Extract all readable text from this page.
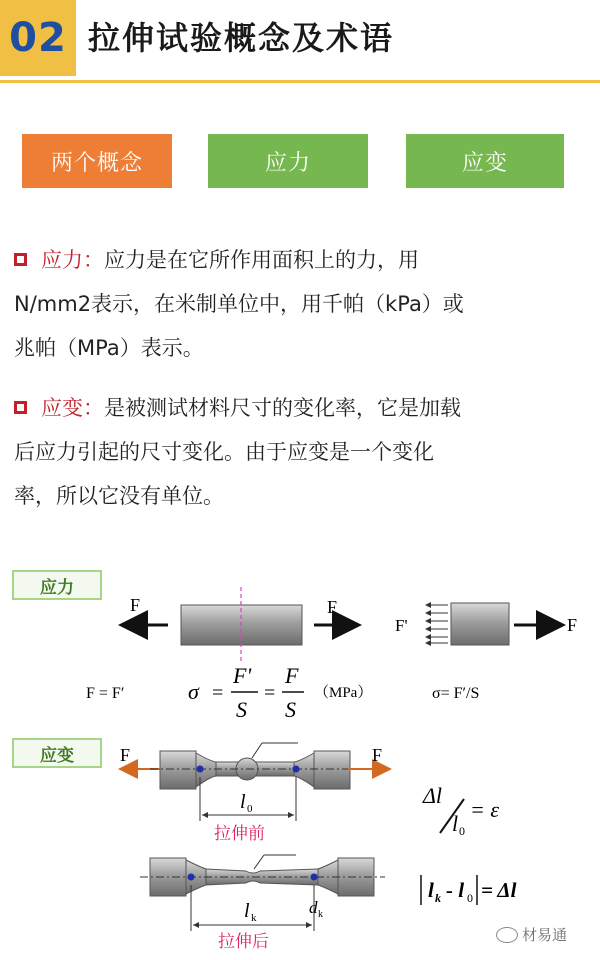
02 拉伸试验概念及术语
两个概念	应力	应变
应力：应力是在它所作用面积上的力，用
N/mm2表示，在米制单位中，用千帕（kPa）或
兆帕（MPa）表示。
应变：是被测试材料尺寸的变化率，它是加载
后应力引起的尺寸变化。由于应变是一个变化
率，所以它没有单位。
应力
应变
F	F
F'	F
F = F′	σ =
F'
S
=
F
S
（MPa）	σ= F′/S
F	F
l 0
拉伸前
Δl
l 0
= ε
d k
l k
拉伸后
l k - l 0 = Δl
材易通
